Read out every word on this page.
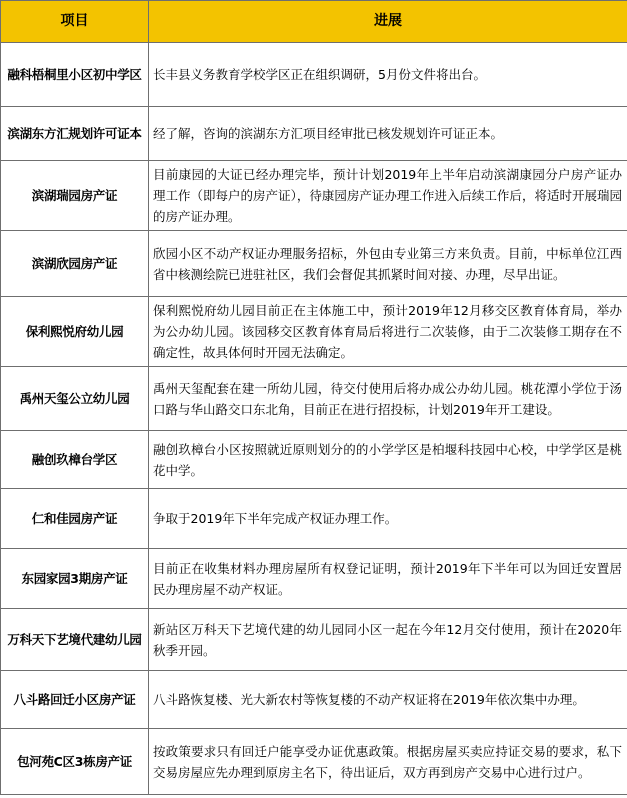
项目	进展
融科梧桐里小区初中学区	长丰县义务教育学校学区正在组织调研，5月份文件将出台。
滨湖东方汇规划许可证本	经了解，咨询的滨湖东方汇项目经审批已核发规划许可证正本。
滨湖瑞园房产证	目前康园的大证已经办理完毕，预计计划2019年上半年启动滨湖康园分户房产证办理工作（即每户的房产证），待康园房产证办理工作进入后续工作后，将适时开展瑞园的房产证办理。
滨湖欣园房产证	欣园小区不动产权证办理服务招标，外包由专业第三方来负责。目前，中标单位江西省中核测绘院已进驻社区，我们会督促其抓紧时间对接、办理，尽早出证。
保利熙悦府幼儿园	保利熙悦府幼儿园目前正在主体施工中，预计2019年12月移交区教育体育局，举办为公办幼儿园。该园移交区教育体育局后将进行二次装修，由于二次装修工期存在不确定性，故具体何时开园无法确定。
禹州天玺公立幼儿园	禹州天玺配套在建一所幼儿园，待交付使用后将办成公办幼儿园。桃花潭小学位于汤口路与华山路交口东北角，目前正在进行招投标，计划2019年开工建设。
融创玖樟台学区	融创玖樟台小区按照就近原则划分的的小学学区是柏堰科技园中心校，中学学区是桃花中学。
仁和佳园房产证	争取于2019年下半年完成产权证办理工作。
东园家园3期房产证	目前正在收集材料办理房屋所有权登记证明，预计2019年下半年可以为回迁安置居民办理房屋不动产权证。
万科天下艺境代建幼儿园	新站区万科天下艺境代建的幼儿园同小区一起在今年12月交付使用，预计在2020年秋季开园。
八斗路回迁小区房产证	八斗路恢复楼、光大新农村等恢复楼的不动产权证将在2019年依次集中办理。
包河苑C区3栋房产证	按政策要求只有回迁户能享受办证优惠政策。根据房屋买卖应持证交易的要求，私下交易房屋应先办理到原房主名下，待出证后，双方再到房产交易中心进行过户。
